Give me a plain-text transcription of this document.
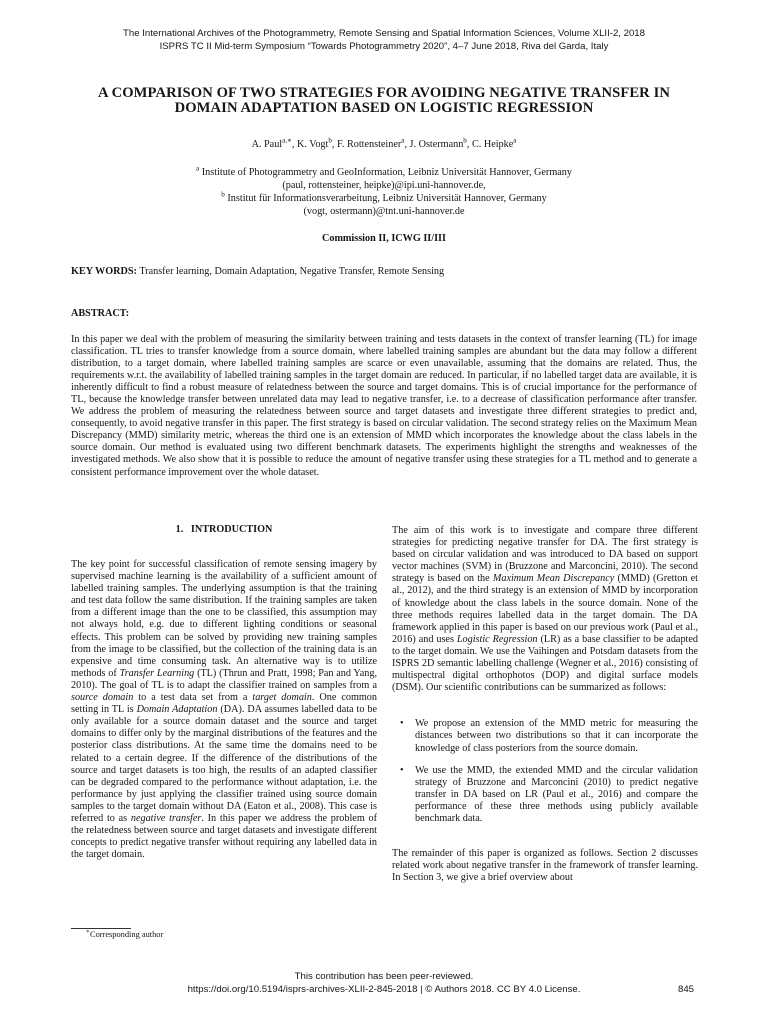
The International Archives of the Photogrammetry, Remote Sensing and Spatial Information Sciences, Volume XLII-2, 2018
ISPRS TC II Mid-term Symposium “Towards Photogrammetry 2020”, 4–7 June 2018, Riva del Garda, Italy
A COMPARISON OF TWO STRATEGIES FOR AVOIDING NEGATIVE TRANSFER IN
DOMAIN ADAPTATION BASED ON LOGISTIC REGRESSION
A. Paul$^{a,∗}$, K. Vogt$^b$, F. Rottensteiner$^a$, J. Ostermann$^b$, C. Heipke$^a$
$^a$ Institute of Photogrammetry and GeoInformation, Leibniz Universität Hannover, Germany
(paul, rottensteiner, heipke)@ipi.uni-hannover.de,
$^b$ Institut für Informationsverarbeitung, Leibniz Universität Hannover, Germany
(vogt, ostermann)@tnt.uni-hannover.de
Commission II, ICWG II/III
KEY WORDS: Transfer learning, Domain Adaptation, Negative Transfer, Remote Sensing
ABSTRACT:
In this paper we deal with the problem of measuring the similarity between training and tests datasets in the context of transfer learning (TL) for image classification. TL tries to transfer knowledge from a source domain, where labelled training samples are abundant but the data may follow a different distribution, to a target domain, where labelled training samples are scarce or even unavailable, assuming that the domains are related. Thus, the requirements w.r.t. the availability of labelled training samples in the target domain are reduced. In particular, if no labelled target data are available, it is inherently difficult to find a robust measure of relatedness between the source and target domains. This is of crucial importance for the performance of TL, because the knowledge transfer between unrelated data may lead to negative transfer, i.e. to a decrease of classification performance after transfer. We address the problem of measuring the relatedness between source and target datasets and investigate three different strategies to predict and, consequently, to avoid negative transfer in this paper. The first strategy is based on circular validation. The second strategy relies on the Maximum Mean Discrepancy (MMD) similarity metric, whereas the third one is an extension of MMD which incorporates the knowledge about the class labels in the source domain. Our method is evaluated using two different benchmark datasets. The experiments highlight the strengths and weaknesses of the investigated methods. We also show that it is possible to reduce the amount of negative transfer using these strategies for a TL method and to generate a consistent performance improvement over the whole dataset.
1.   INTRODUCTION

The key point for successful classification of remote sensing imagery by supervised machine learning is the availability of a sufficient amount of labelled training samples. The underlying assumption is that the training and test data follow the same distribution. If the training samples are taken from a different image than the one to be classified, this assumption may not always hold, e.g. due to different lighting conditions or seasonal effects. This problem can be solved by providing new training samples from the image to be classified, but the collection of the training data is an expensive and time consuming task. An alternative way is to utilize methods of Transfer Learning (TL) (Thrun and Pratt, 1998; Pan and Yang, 2010). The goal of TL is to adapt the classifier trained on samples from a source domain to a test data set from a target domain. One common setting in TL is Domain Adaptation (DA). DA assumes labelled data to be only available for a source domain dataset and the source and target domains to differ only by the marginal distributions of the features and the posterior class distributions. At the same time the domains need to be related to a certain degree. If the difference of the distributions of the source and target datasets is too high, the results of an adapted classifier can be degraded compared to the performance without adaptation, i.e. the performance by just applying the classifier trained using source domain samples to the target domain without DA (Eaton et al., 2008). This case is referred to as negative transfer. In this paper we address the problem of the relatedness between source and target datasets and investigate different concepts to predict negative transfer without requiring any labelled data in the target domain.

The aim of this work is to investigate and compare three different strategies for predicting negative transfer for DA. The first strategy is based on circular validation and was introduced to DA based on support vector machines (SVM) in (Bruzzone and Marconcini, 2010). The second strategy is based on the Maximum Mean Discrepancy (MMD) (Gretton et al., 2012), and the third strategy is an extension of MMD by incorporation of knowledge about the class labels in the source domain. None of the three methods requires labelled data in the target domain. The DA framework applied in this paper is based on our previous work (Paul et al., 2016) and uses Logistic Regression (LR) as a base classifier to be adapted to the target domain. We use the Vaihingen and Potsdam datasets from the ISPRS 2D semantic labelling challenge (Wegner et al., 2016) consisting of multispectral digital orthophotos (DOP) and digital surface models (DSM). Our scientific contributions can be summarized as follows:

• We propose an extension of the MMD metric for measuring the distances between two distributions so that it can incorporate the knowledge of class posteriors from the source domain.
• We use the MMD, the extended MMD and the circular validation strategy of Bruzzone and Marconcini (2010) to predict negative transfer in DA based on LR (Paul et al., 2016) and compare the performance of these three methods using publicly available benchmark data.

The remainder of this paper is organized as follows. Section 2 discusses related work about negative transfer in the framework of transfer learning. In Section 3, we give a brief overview about

∗Corresponding author
This contribution has been peer-reviewed.
https://doi.org/10.5194/isprs-archives-XLII-2-845-2018 | © Authors 2018. CC BY 4.0 License.	845
